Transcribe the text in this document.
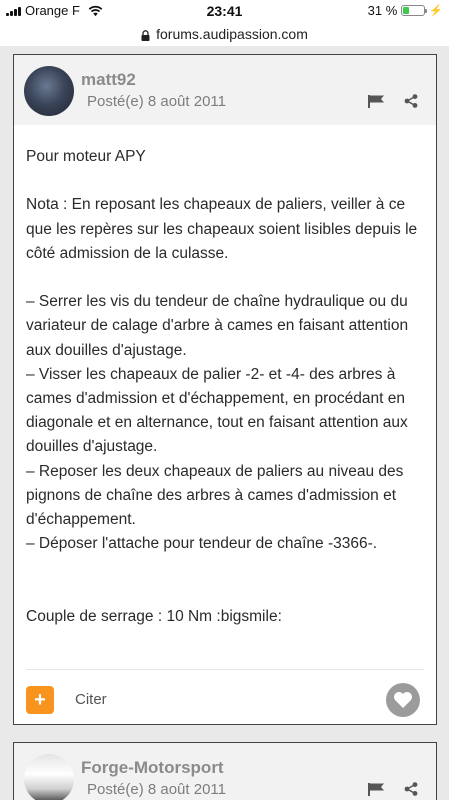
Orange F	23:41	31 %	⚡
forums.audipassion.com
matt92
Posté(e) 8 août 2011
Pour moteur APY

Nota : En reposant les chapeaux de paliers, veiller à ce que les repères sur les chapeaux soient lisibles depuis le côté admission de la culasse.

– Serrer les vis du tendeur de chaîne hydraulique ou du variateur de calage d'arbre à cames en faisant attention aux douilles d'ajustage.
– Visser les chapeaux de palier -2- et -4- des arbres à cames d'admission et d'échappement, en procédant en diagonale et en alternance, tout en faisant attention aux douilles d'ajustage.
– Reposer les deux chapeaux de paliers au niveau des pignons de chaîne des arbres à cames d'admission et d'échappement.
– Déposer l'attache pour tendeur de chaîne -3366-.

Couple de serrage : 10 Nm :bigsmile:
+	Citer
Forge-Motorsport
Posté(e) 8 août 2011
